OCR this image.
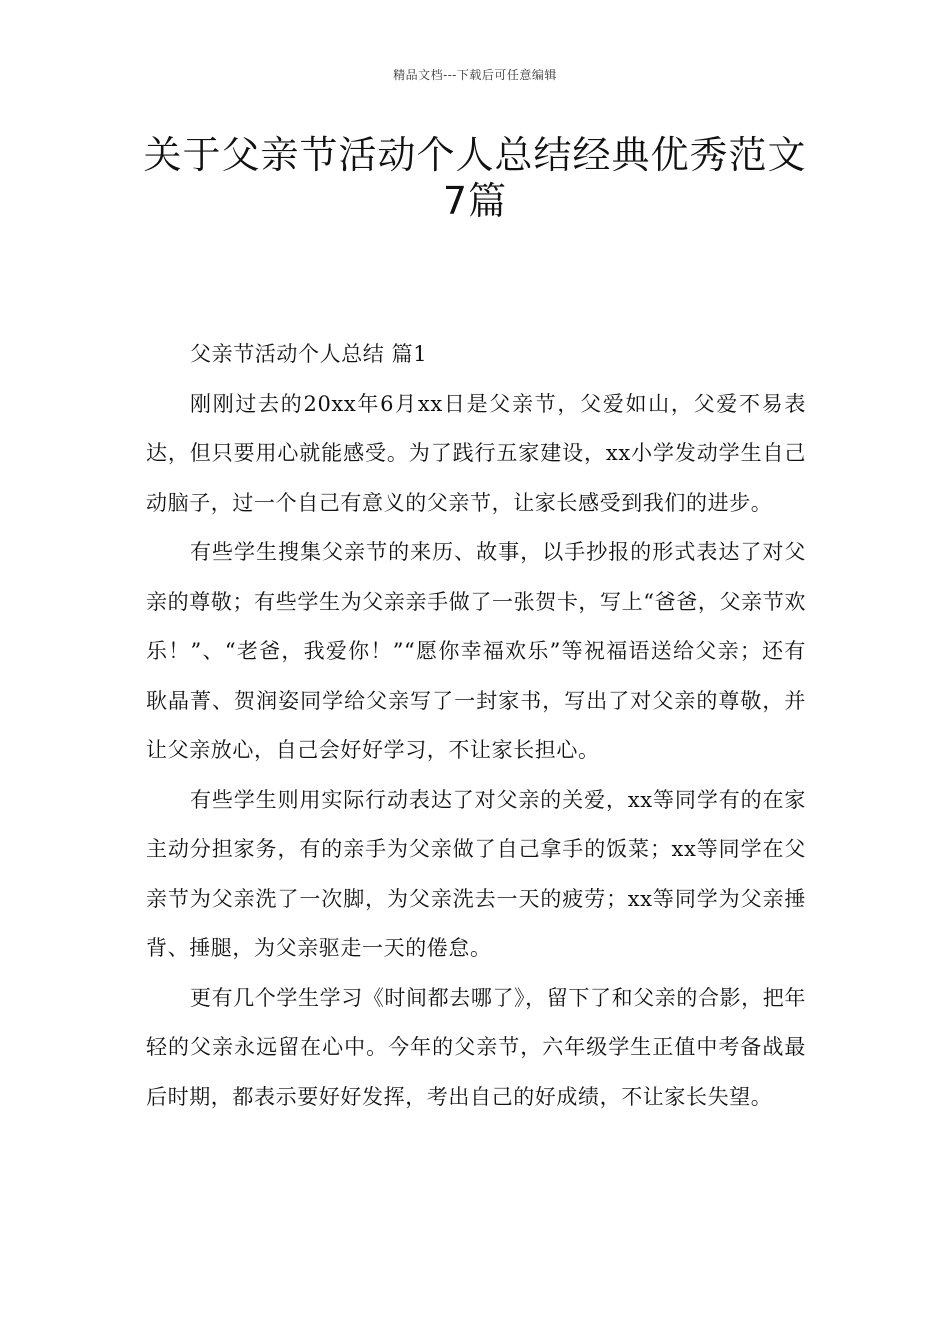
精品文档---下载后可任意编辑
关于父亲节活动个人总结经典优秀范文
7篇

父亲节活动个人总结 篇1

刚刚过去的20xx年6月xx日是父亲节，父爱如山，父爱不易表达，但只要用心就能感受。为了践行五家建设，xx小学发动学生自己动脑子，过一个自己有意义的父亲节，让家长感受到我们的进步。

有些学生搜集父亲节的来历、故事，以手抄报的形式表达了对父亲的尊敬；有些学生为父亲亲手做了一张贺卡，写上“爸爸，父亲节欢乐！”、“老爸，我爱你！”“愿你幸福欢乐”等祝福语送给父亲；还有耿晶菁、贺润姿同学给父亲写了一封家书，写出了对父亲的尊敬，并让父亲放心，自己会好好学习，不让家长担心。

有些学生则用实际行动表达了对父亲的关爱，xx等同学有的在家主动分担家务，有的亲手为父亲做了自己拿手的饭菜；xx等同学在父亲节为父亲洗了一次脚，为父亲洗去一天的疲劳；xx等同学为父亲捶背、捶腿，为父亲驱走一天的倦怠。

更有几个学生学习《时间都去哪了》，留下了和父亲的合影，把年轻的父亲永远留在心中。今年的父亲节，六年级学生正值中考备战最后时期，都表示要好好发挥，考出自己的好成绩，不让家长失望。
